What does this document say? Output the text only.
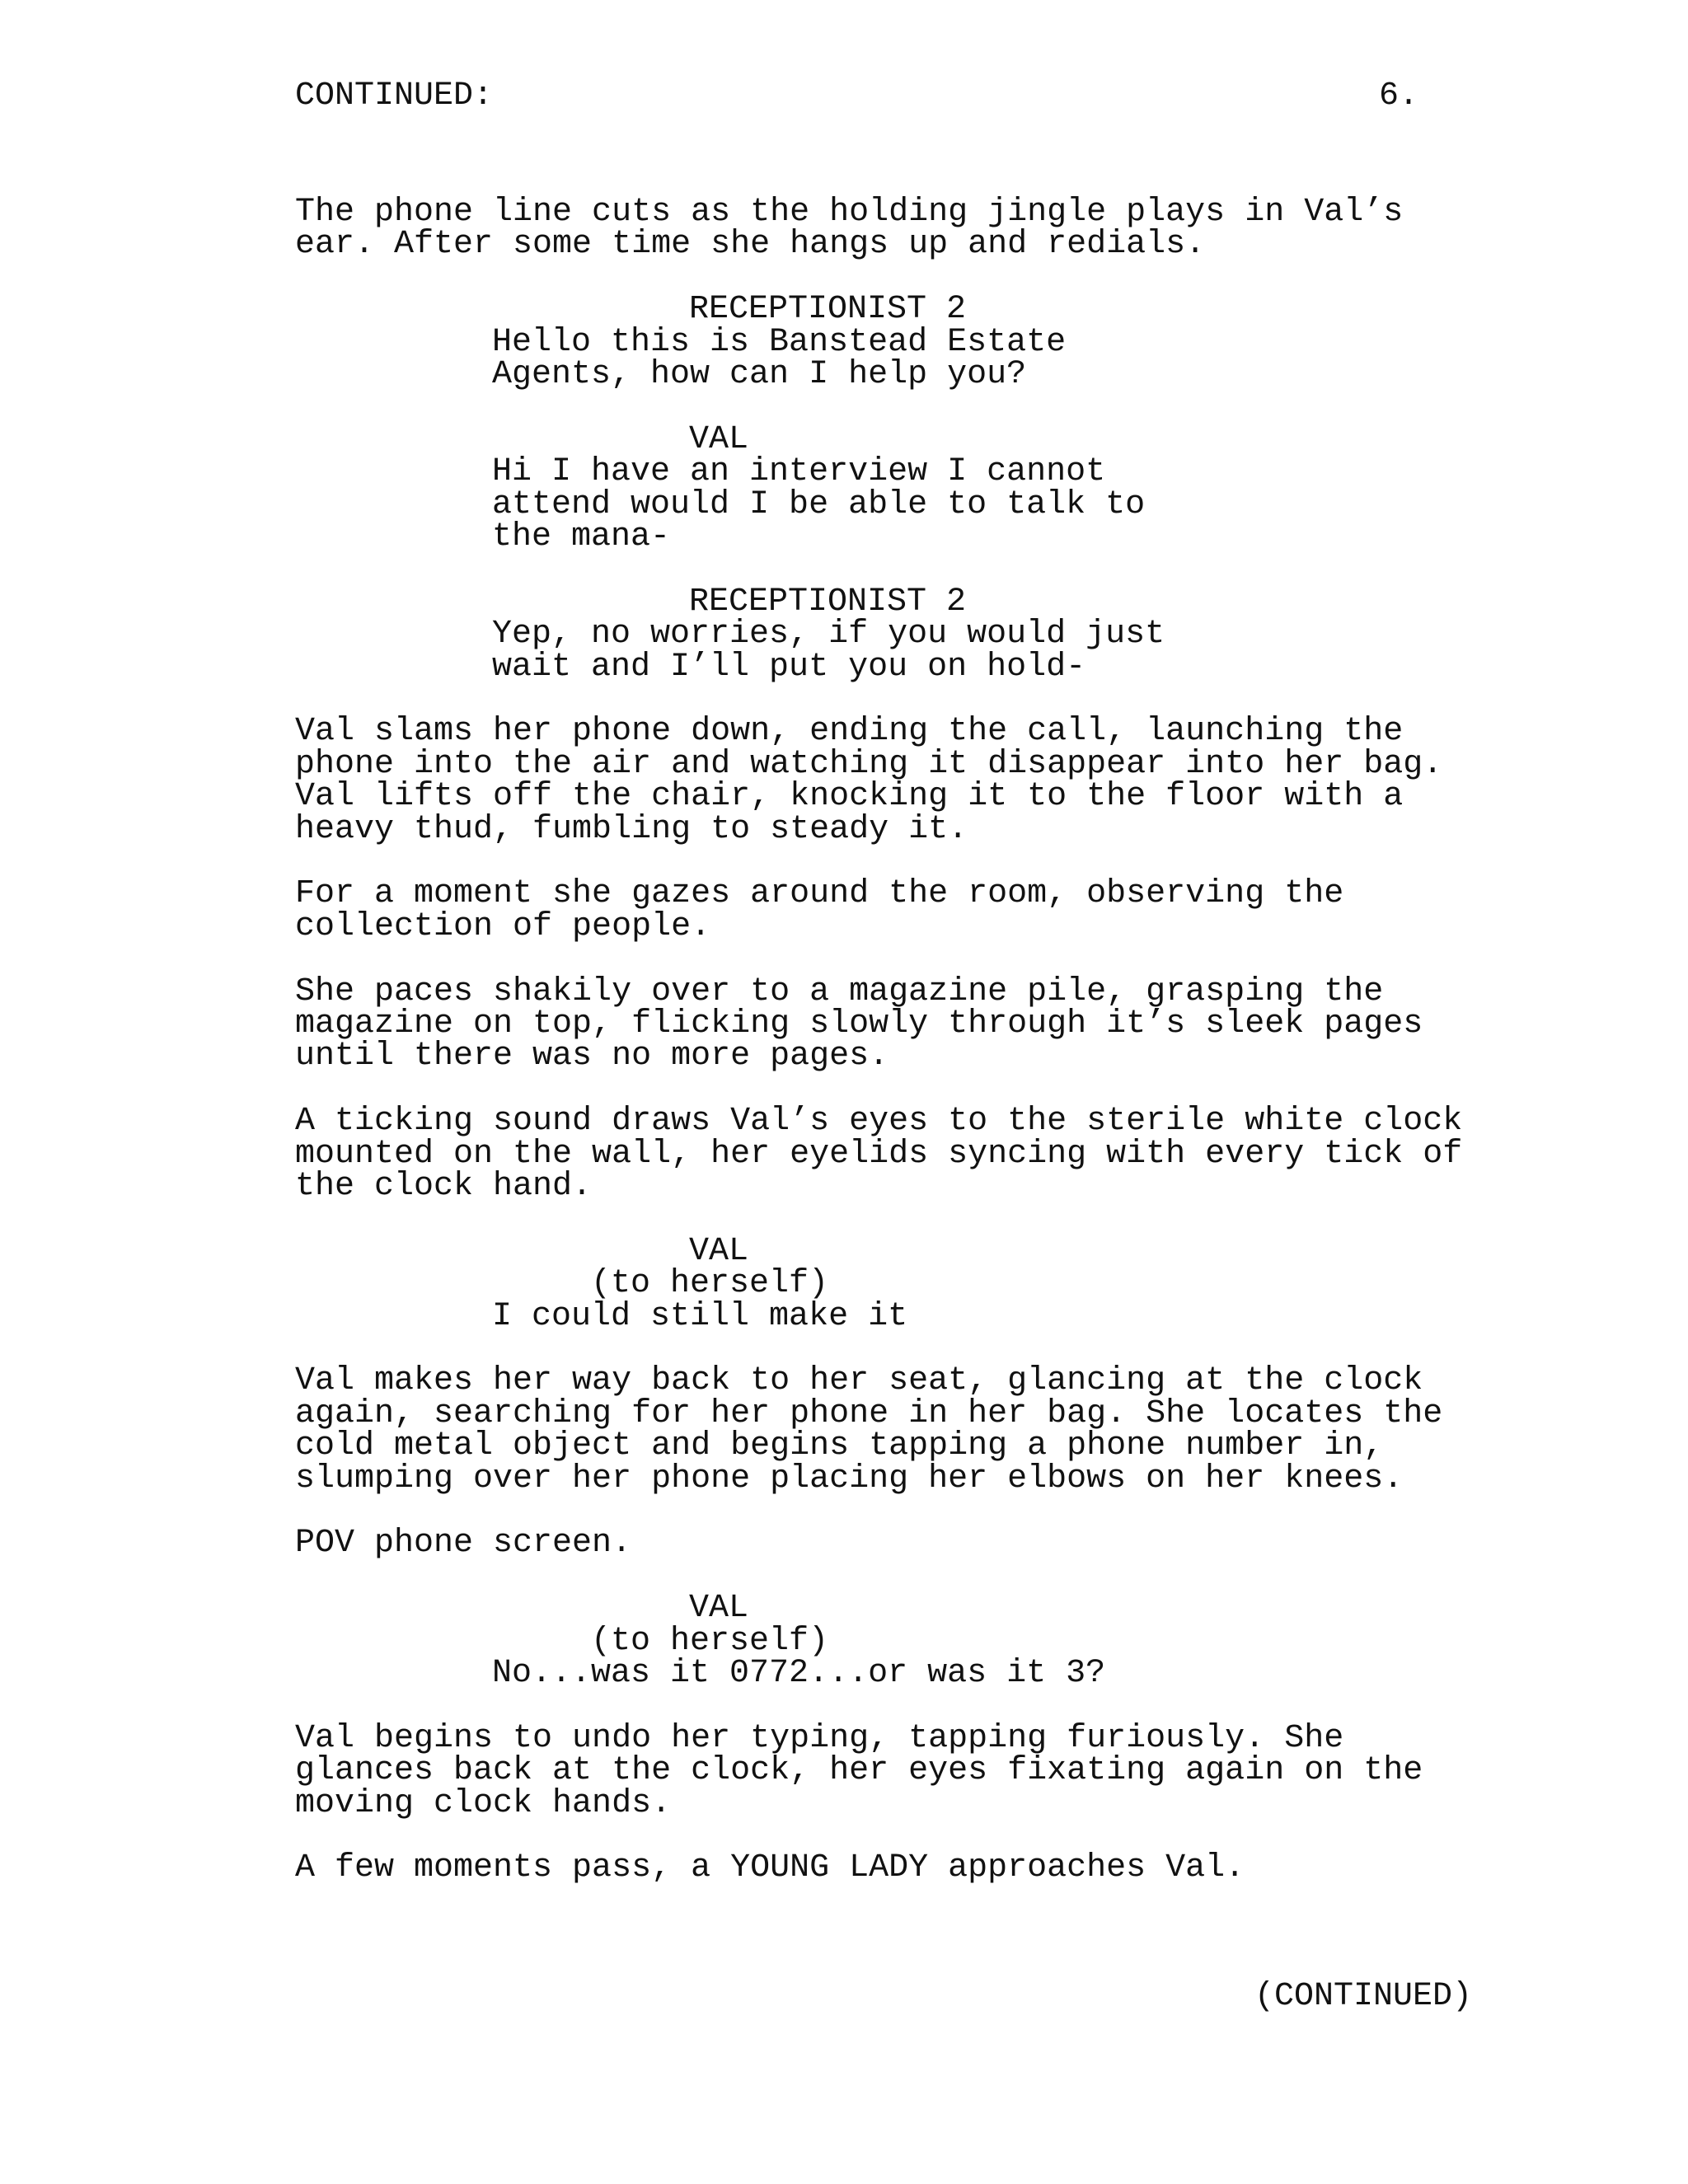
CONTINUED:	6.
The phone line cuts as the holding jingle plays in Val’s
ear. After some time she hangs up and redials.
RECEPTIONIST 2
Hello this is Banstead Estate
Agents, how can I help you?
VAL
Hi I have an interview I cannot
attend would I be able to talk to
the mana-
RECEPTIONIST 2
Yep, no worries, if you would just
wait and I’ll put you on hold-
Val slams her phone down, ending the call, launching the
phone into the air and watching it disappear into her bag.
Val lifts off the chair, knocking it to the floor with a
heavy thud, fumbling to steady it.
For a moment she gazes around the room, observing the
collection of people.
She paces shakily over to a magazine pile, grasping the
magazine on top, flicking slowly through it’s sleek pages
until there was no more pages.
A ticking sound draws Val’s eyes to the sterile white clock
mounted on the wall, her eyelids syncing with every tick of
the clock hand.
VAL
(to herself)
I could still make it
Val makes her way back to her seat, glancing at the clock
again, searching for her phone in her bag. She locates the
cold metal object and begins tapping a phone number in,
slumping over her phone placing her elbows on her knees.
POV phone screen.
VAL
(to herself)
No...was it 0772...or was it 3?
Val begins to undo her typing, tapping furiously. She
glances back at the clock, her eyes fixating again on the
moving clock hands.
A few moments pass, a YOUNG LADY approaches Val.
(CONTINUED)
